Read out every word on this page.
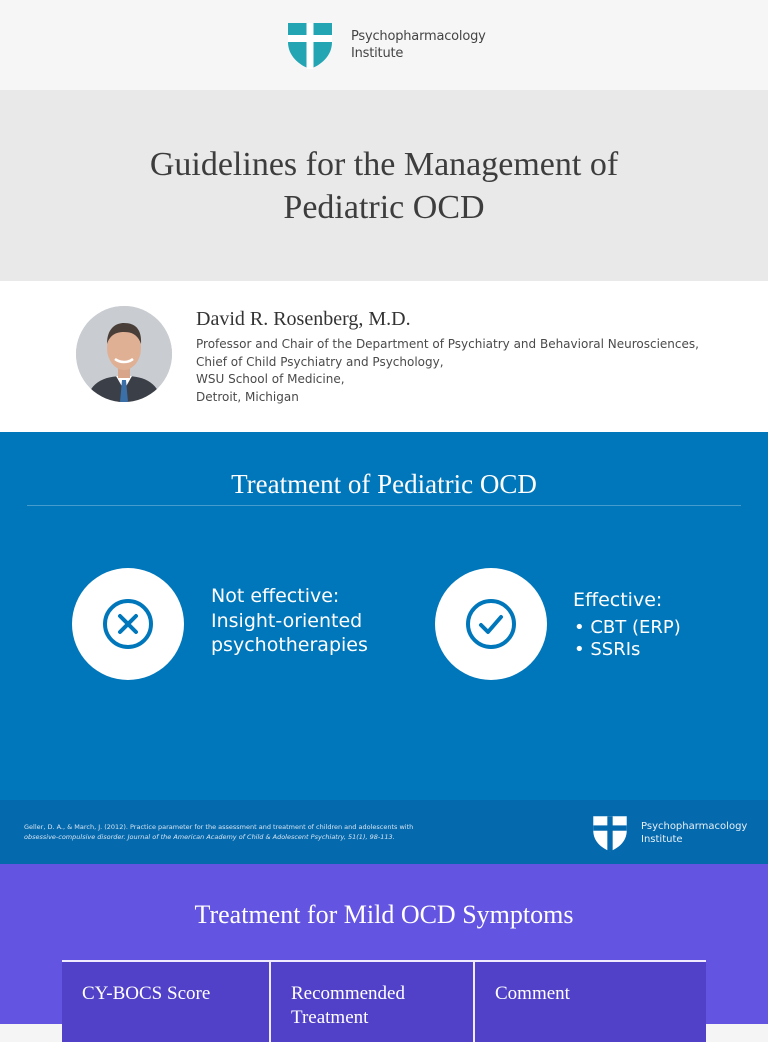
Psychopharmacology
Institute
Guidelines for the Management of
Pediatric OCD
David R. Rosenberg, M.D.
Professor and Chair of the Department of Psychiatry and Behavioral Neurosciences,
Chief of Child Psychiatry and Psychology,
WSU School of Medicine,
Detroit, Michigan
Treatment of Pediatric OCD
Not effective:
Insight-oriented
psychotherapies
Effective:
• CBT (ERP)
• SSRIs
Geller, D. A., & March, J. (2012). Practice parameter for the assessment and treatment of children and adolescents with
obsessive-compulsive disorder. Journal of the American Academy of Child & Adolescent Psychiatry, 51(1), 98-113.
Psychopharmacology
Institute
Treatment for Mild OCD Symptoms
CY-BOCS Score	Recommended Treatment
Comment
